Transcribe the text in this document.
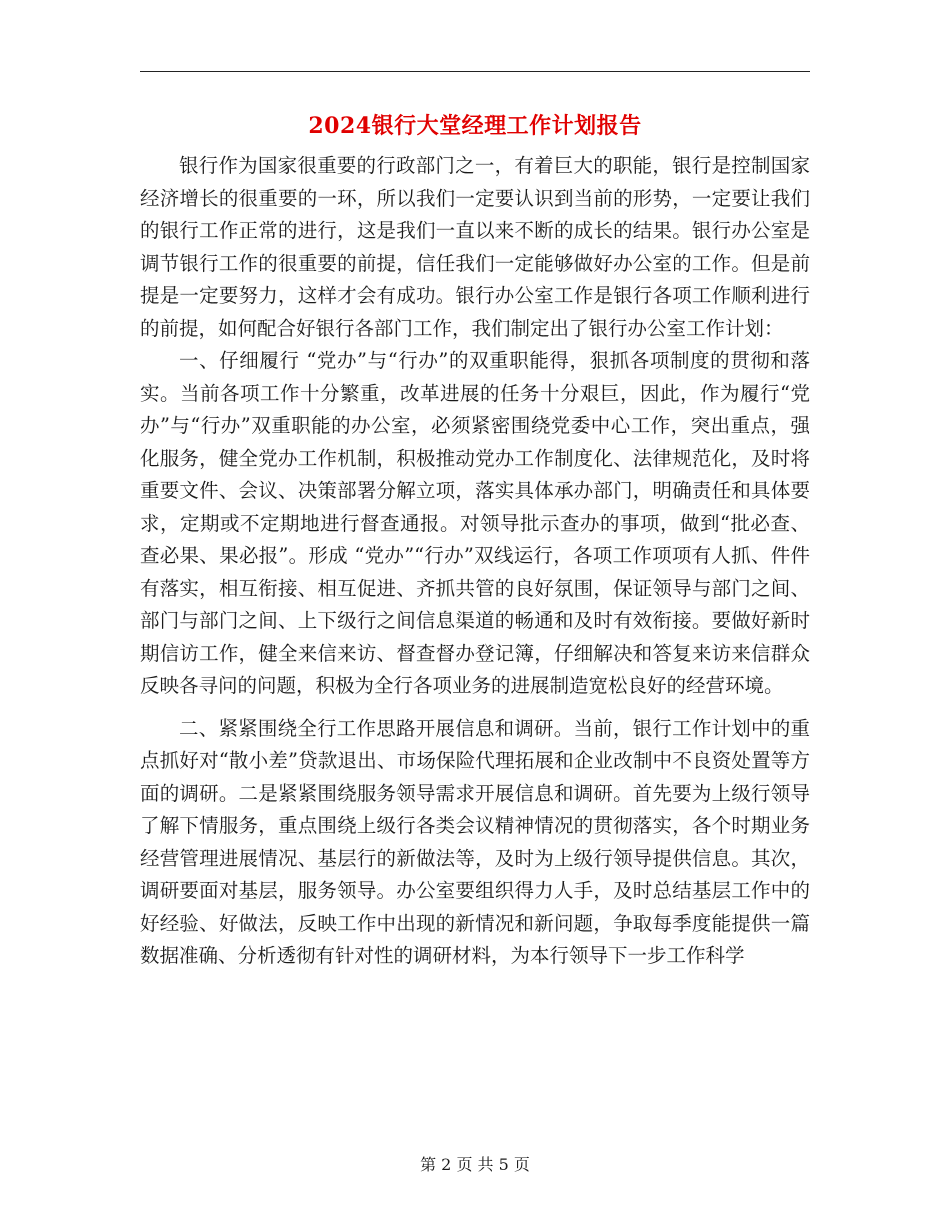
2024银行大堂经理工作计划报告

银行作为国家很重要的行政部门之一，有着巨大的职能，银行是控制国家经济增长的很重要的一环，所以我们一定要认识到当前的形势，一定要让我们的银行工作正常的进行，这是我们一直以来不断的成长的结果。银行办公室是调节银行工作的很重要的前提，信任我们一定能够做好办公室的工作。但是前提是一定要努力，这样才会有成功。银行办公室工作是银行各项工作顺利进行的前提，如何配合好银行各部门工作，我们制定出了银行办公室工作计划：

一、仔细履行 “党办”与“行办”的双重职能得，狠抓各项制度的贯彻和落实。当前各项工作十分繁重，改革进展的任务十分艰巨，因此，作为履行“党办”与“行办”双重职能的办公室，必须紧密围绕党委中心工作，突出重点，强化服务，健全党办工作机制，积极推动党办工作制度化、法律规范化，及时将重要文件、会议、决策部署分解立项，落实具体承办部门，明确责任和具体要求，定期或不定期地进行督查通报。对领导批示查办的事项，做到“批必查、查必果、果必报”。形成 “党办”“行办”双线运行，各项工作项项有人抓、件件有落实，相互衔接、相互促进、齐抓共管的良好氛围，保证领导与部门之间、部门与部门之间、上下级行之间信息渠道的畅通和及时有效衔接。要做好新时期信访工作，健全来信来访、督查督办登记簿，仔细解决和答复来访来信群众反映各寻问的问题，积极为全行各项业务的进展制造宽松良好的经营环境。

二、紧紧围绕全行工作思路开展信息和调研。当前，银行工作计划中的重点抓好对“散小差”贷款退出、市场保险代理拓展和企业改制中不良资处置等方面的调研。二是紧紧围绕服务领导需求开展信息和调研。首先要为上级行领导了解下情服务，重点围绕上级行各类会议精神情况的贯彻落实，各个时期业务经营管理进展情况、基层行的新做法等，及时为上级行领导提供信息。其次，调研要面对基层，服务领导。办公室要组织得力人手，及时总结基层工作中的好经验、好做法，反映工作中出现的新情况和新问题，争取每季度能提供一篇数据准确、分析透彻有针对性的调研材料，为本行领导下一步工作科学

第 2 页 共 5 页
